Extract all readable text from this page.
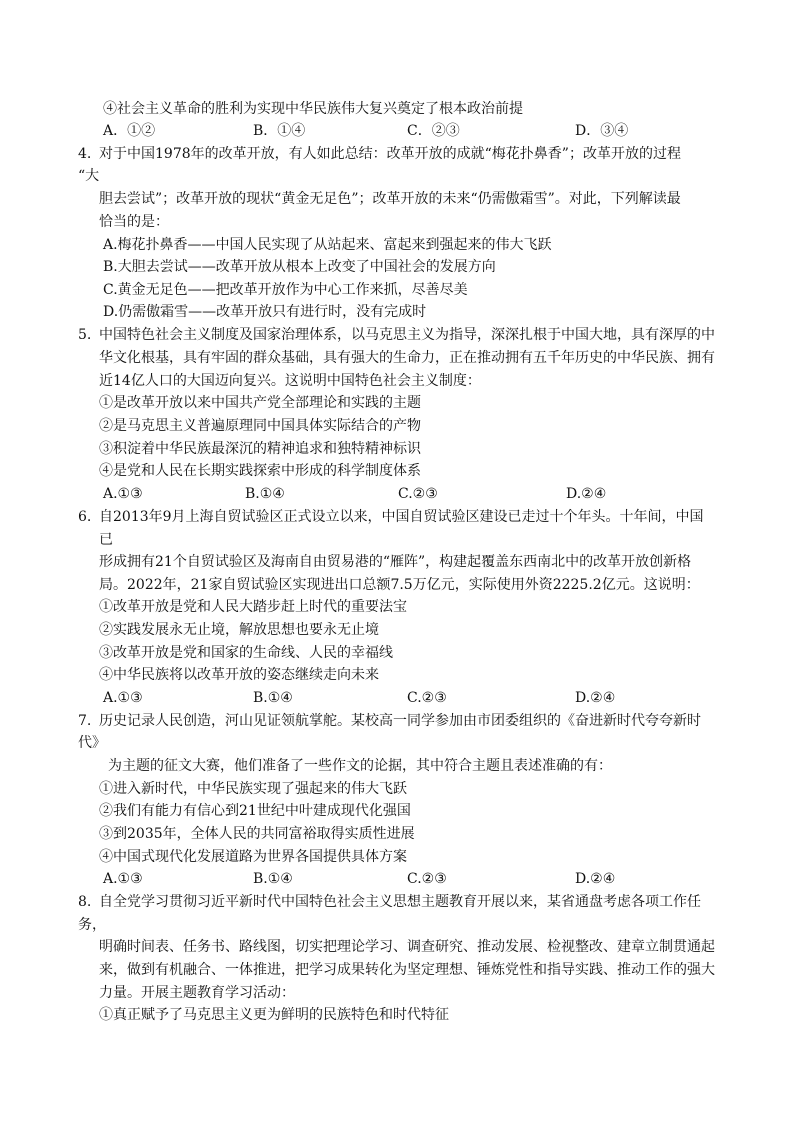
④社会主义革命的胜利为实现中华民族伟大复兴奠定了根本政治前提
A．①②	B．①④	C．②③	D．③④
4. 对于中国1978年的改革开放，有人如此总结：改革开放的成就“梅花扑鼻香”；改革开放的过程
“大
胆去尝试”；改革开放的现状“黄金无足色”；改革开放的未来“仍需傲霜雪”。对此，下列解读最
恰当的是：
A.梅花扑鼻香——中国人民实现了从站起来、富起来到强起来的伟大飞跃
B.大胆去尝试——改革开放从根本上改变了中国社会的发展方向
C.黄金无足色——把改革开放作为中心工作来抓，尽善尽美
D.仍需傲霜雪——改革开放只有进行时，没有完成时
5. 中国特色社会主义制度及国家治理体系，以马克思主义为指导，深深扎根于中国大地，具有深厚的中
华文化根基，具有牢固的群众基础，具有强大的生命力，正在推动拥有五千年历史的中华民族、拥有
近14亿人口的大国迈向复兴。这说明中国特色社会主义制度：
①是改革开放以来中国共产党全部理论和实践的主题
②是马克思主义普遍原理同中国具体实际结合的产物
③积淀着中华民族最深沉的精神追求和独特精神标识
④是党和人民在长期实践探索中形成的科学制度体系
A.①③	B.①④	C.②③	D.②④
6. 自2013年9月上海自贸试验区正式设立以来，中国自贸试验区建设已走过十个年头。十年间，中国
已
形成拥有21个自贸试验区及海南自由贸易港的“雁阵”，构建起覆盖东西南北中的改革开放创新格
局。2022年，21家自贸试验区实现进出口总额7.5万亿元，实际使用外资2225.2亿元。这说明：
①改革开放是党和人民大踏步赶上时代的重要法宝
②实践发展永无止境，解放思想也要永无止境
③改革开放是党和国家的生命线、人民的幸福线
④中华民族将以改革开放的姿态继续走向未来
A.①③	B.①④	C.②③	D.②④
7. 历史记录人民创造，河山见证领航掌舵。某校高一同学参加由市团委组织的《奋进新时代夸夸新时
代》
为主题的征文大赛，他们准备了一些作文的论据，其中符合主题且表述准确的有：
①进入新时代，中华民族实现了强起来的伟大飞跃
②我们有能力有信心到21世纪中叶建成现代化强国
③到2035年，全体人民的共同富裕取得实质性进展
④中国式现代化发展道路为世界各国提供具体方案
A.①③	B.①④	C.②③	D.②④
8. 自全党学习贯彻习近平新时代中国特色社会主义思想主题教育开展以来，某省通盘考虑各项工作任
务，
明确时间表、任务书、路线图，切实把理论学习、调查研究、推动发展、检视整改、建章立制贯通起
来，做到有机融合、一体推进，把学习成果转化为坚定理想、锤炼党性和指导实践、推动工作的强大
力量。开展主题教育学习活动：
①真正赋予了马克思主义更为鲜明的民族特色和时代特征
